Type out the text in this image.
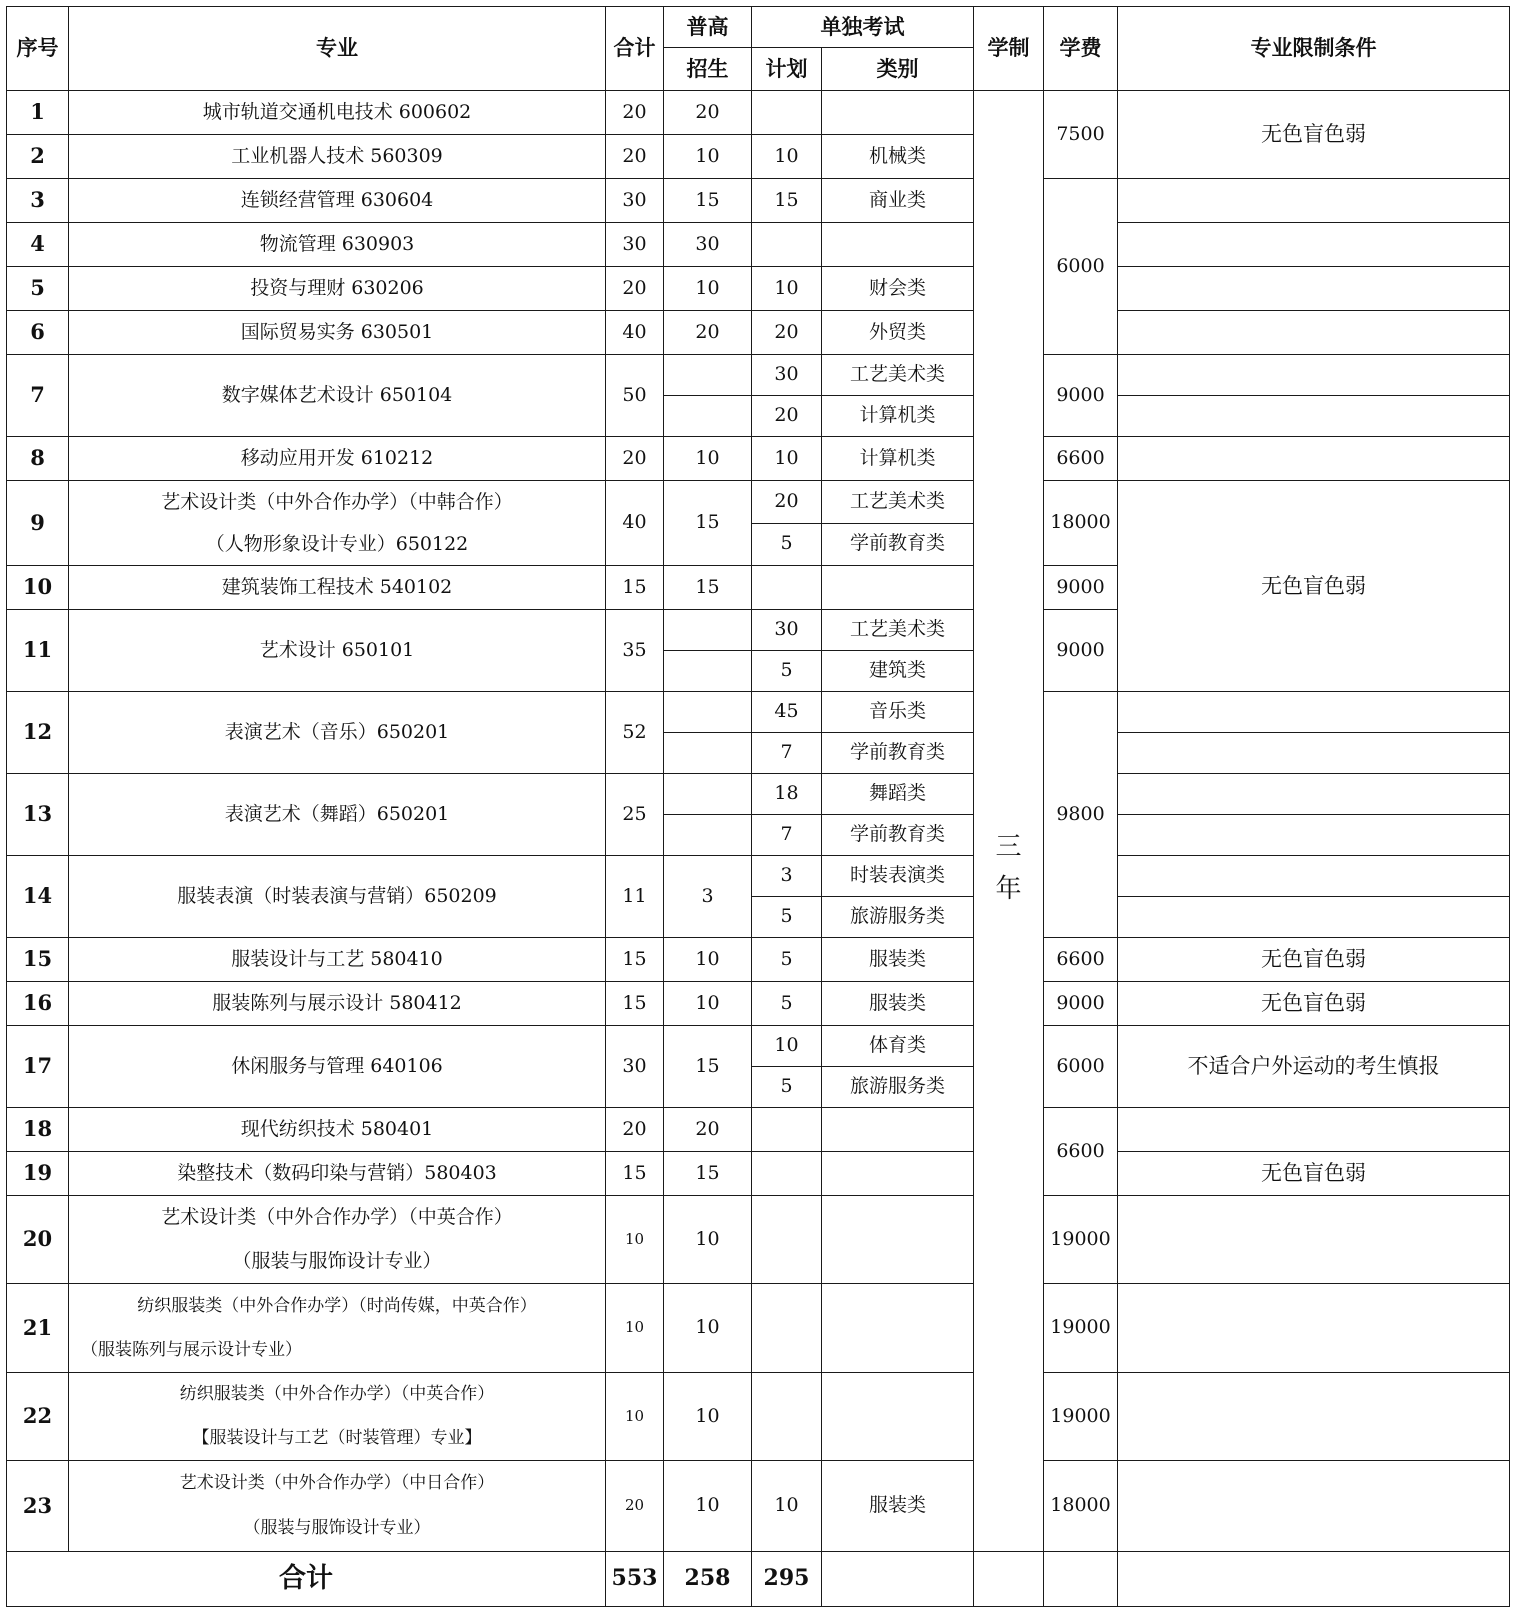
序号	专业	合计	普高	单独考试		学制	学费	专业限制条件
			招生	计划	类别			
1	城市轨道交通机电技术 600602	20	20			三年	7500	无色盲色弱
2	工业机器人技术 560309	20	10	10	机械类			
3	连锁经营管理 630604	30	15	15	商业类		6000	
4	物流管理 630903	30	30					
5	投资与理财 630206	20	10	10	财会类			
6	国际贸易实务 630501	40	20	20	外贸类			
7	数字媒体艺术设计 650104	50		30	工艺美术类		9000	
				20	计算机类			
8	移动应用开发 610212	20	10	10	计算机类		6600	
9	艺术设计类（中外合作办学）（中韩合作）
（人物形象设计专业）650122	40	15	20	工艺美术类		18000	无色盲色弱
				5	学前教育类			
10	建筑装饰工程技术 540102	15	15				9000	
11	艺术设计 650101	35		30	工艺美术类		9000	
				5	建筑类			
12	表演艺术（音乐）650201	52		45	音乐类		9800	
				7	学前教育类			
13	表演艺术（舞蹈）650201	25		18	舞蹈类			
				7	学前教育类			
14	服装表演（时装表演与营销）650209	11	3	3	时装表演类			
				5	旅游服务类			
15	服装设计与工艺 580410	15	10	5	服装类		6600	无色盲色弱
16	服装陈列与展示设计 580412	15	10	5	服装类		9000	无色盲色弱
17	休闲服务与管理 640106	30	15	10	体育类		6000	不适合户外运动的考生慎报
				5	旅游服务类			
18	现代纺织技术 580401	20	20				6600	
19	染整技术（数码印染与营销）580403	15	15					无色盲色弱
20	艺术设计类（中外合作办学）（中英合作）
（服装与服饰设计专业）	10	10				19000	

21	纺织服装类（中外合作办学）（时尚传媒，中英合作）
（服装陈列与展示设计专业）	10	10				19000	

22	纺织服装类（中外合作办学）（中英合作）
【服装设计与工艺（时装管理）专业】	10	10				19000	

23	艺术设计类（中外合作办学）（中日合作）
（服装与服饰设计专业）	20	10	10	服装类		18000	

合计		553	258	295				
